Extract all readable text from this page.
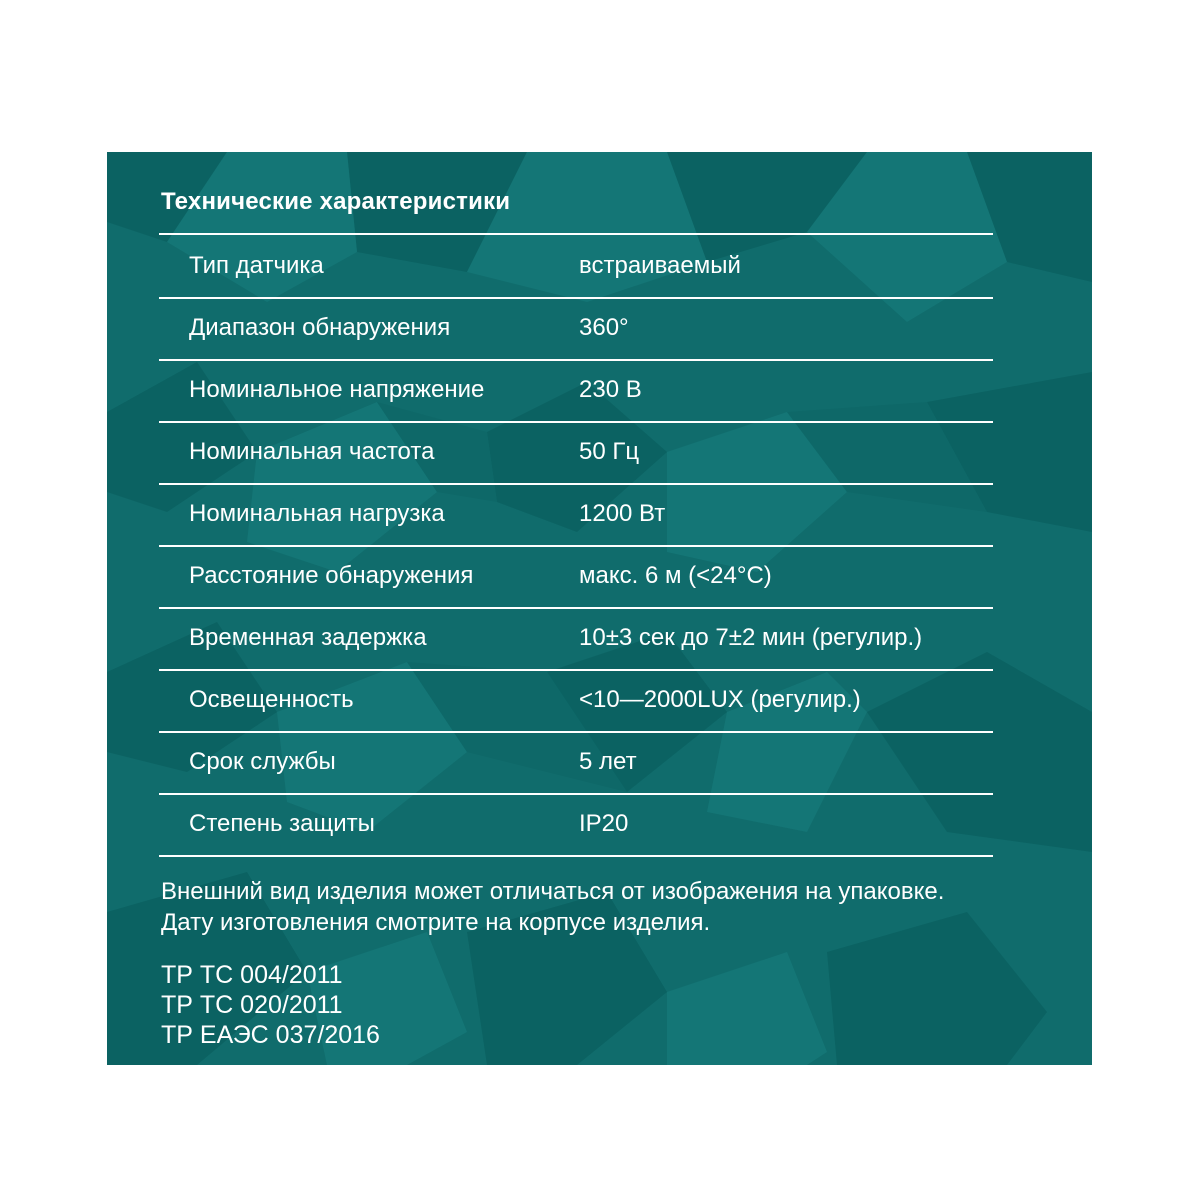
Технические характеристики
Тип датчика	встраиваемый
Диапазон обнаружения	360°
Номинальное напряжение	230 В
Номинальная частота	50 Гц
Номинальная нагрузка	1200 Вт
Расстояние обнаружения	макс. 6 м (<24°С)
Временная задержка	10±3 сек до 7±2 мин (регулир.)
Освещенность	<10—2000LUX (регулир.)
Срок службы	5 лет
Степень защиты	IP20
Внешний вид изделия может отличаться от изображения на упаковке.
Дату изготовления смотрите на корпусе изделия.
ТР ТС 004/2011
ТР ТС 020/2011
ТР ЕАЭС 037/2016
